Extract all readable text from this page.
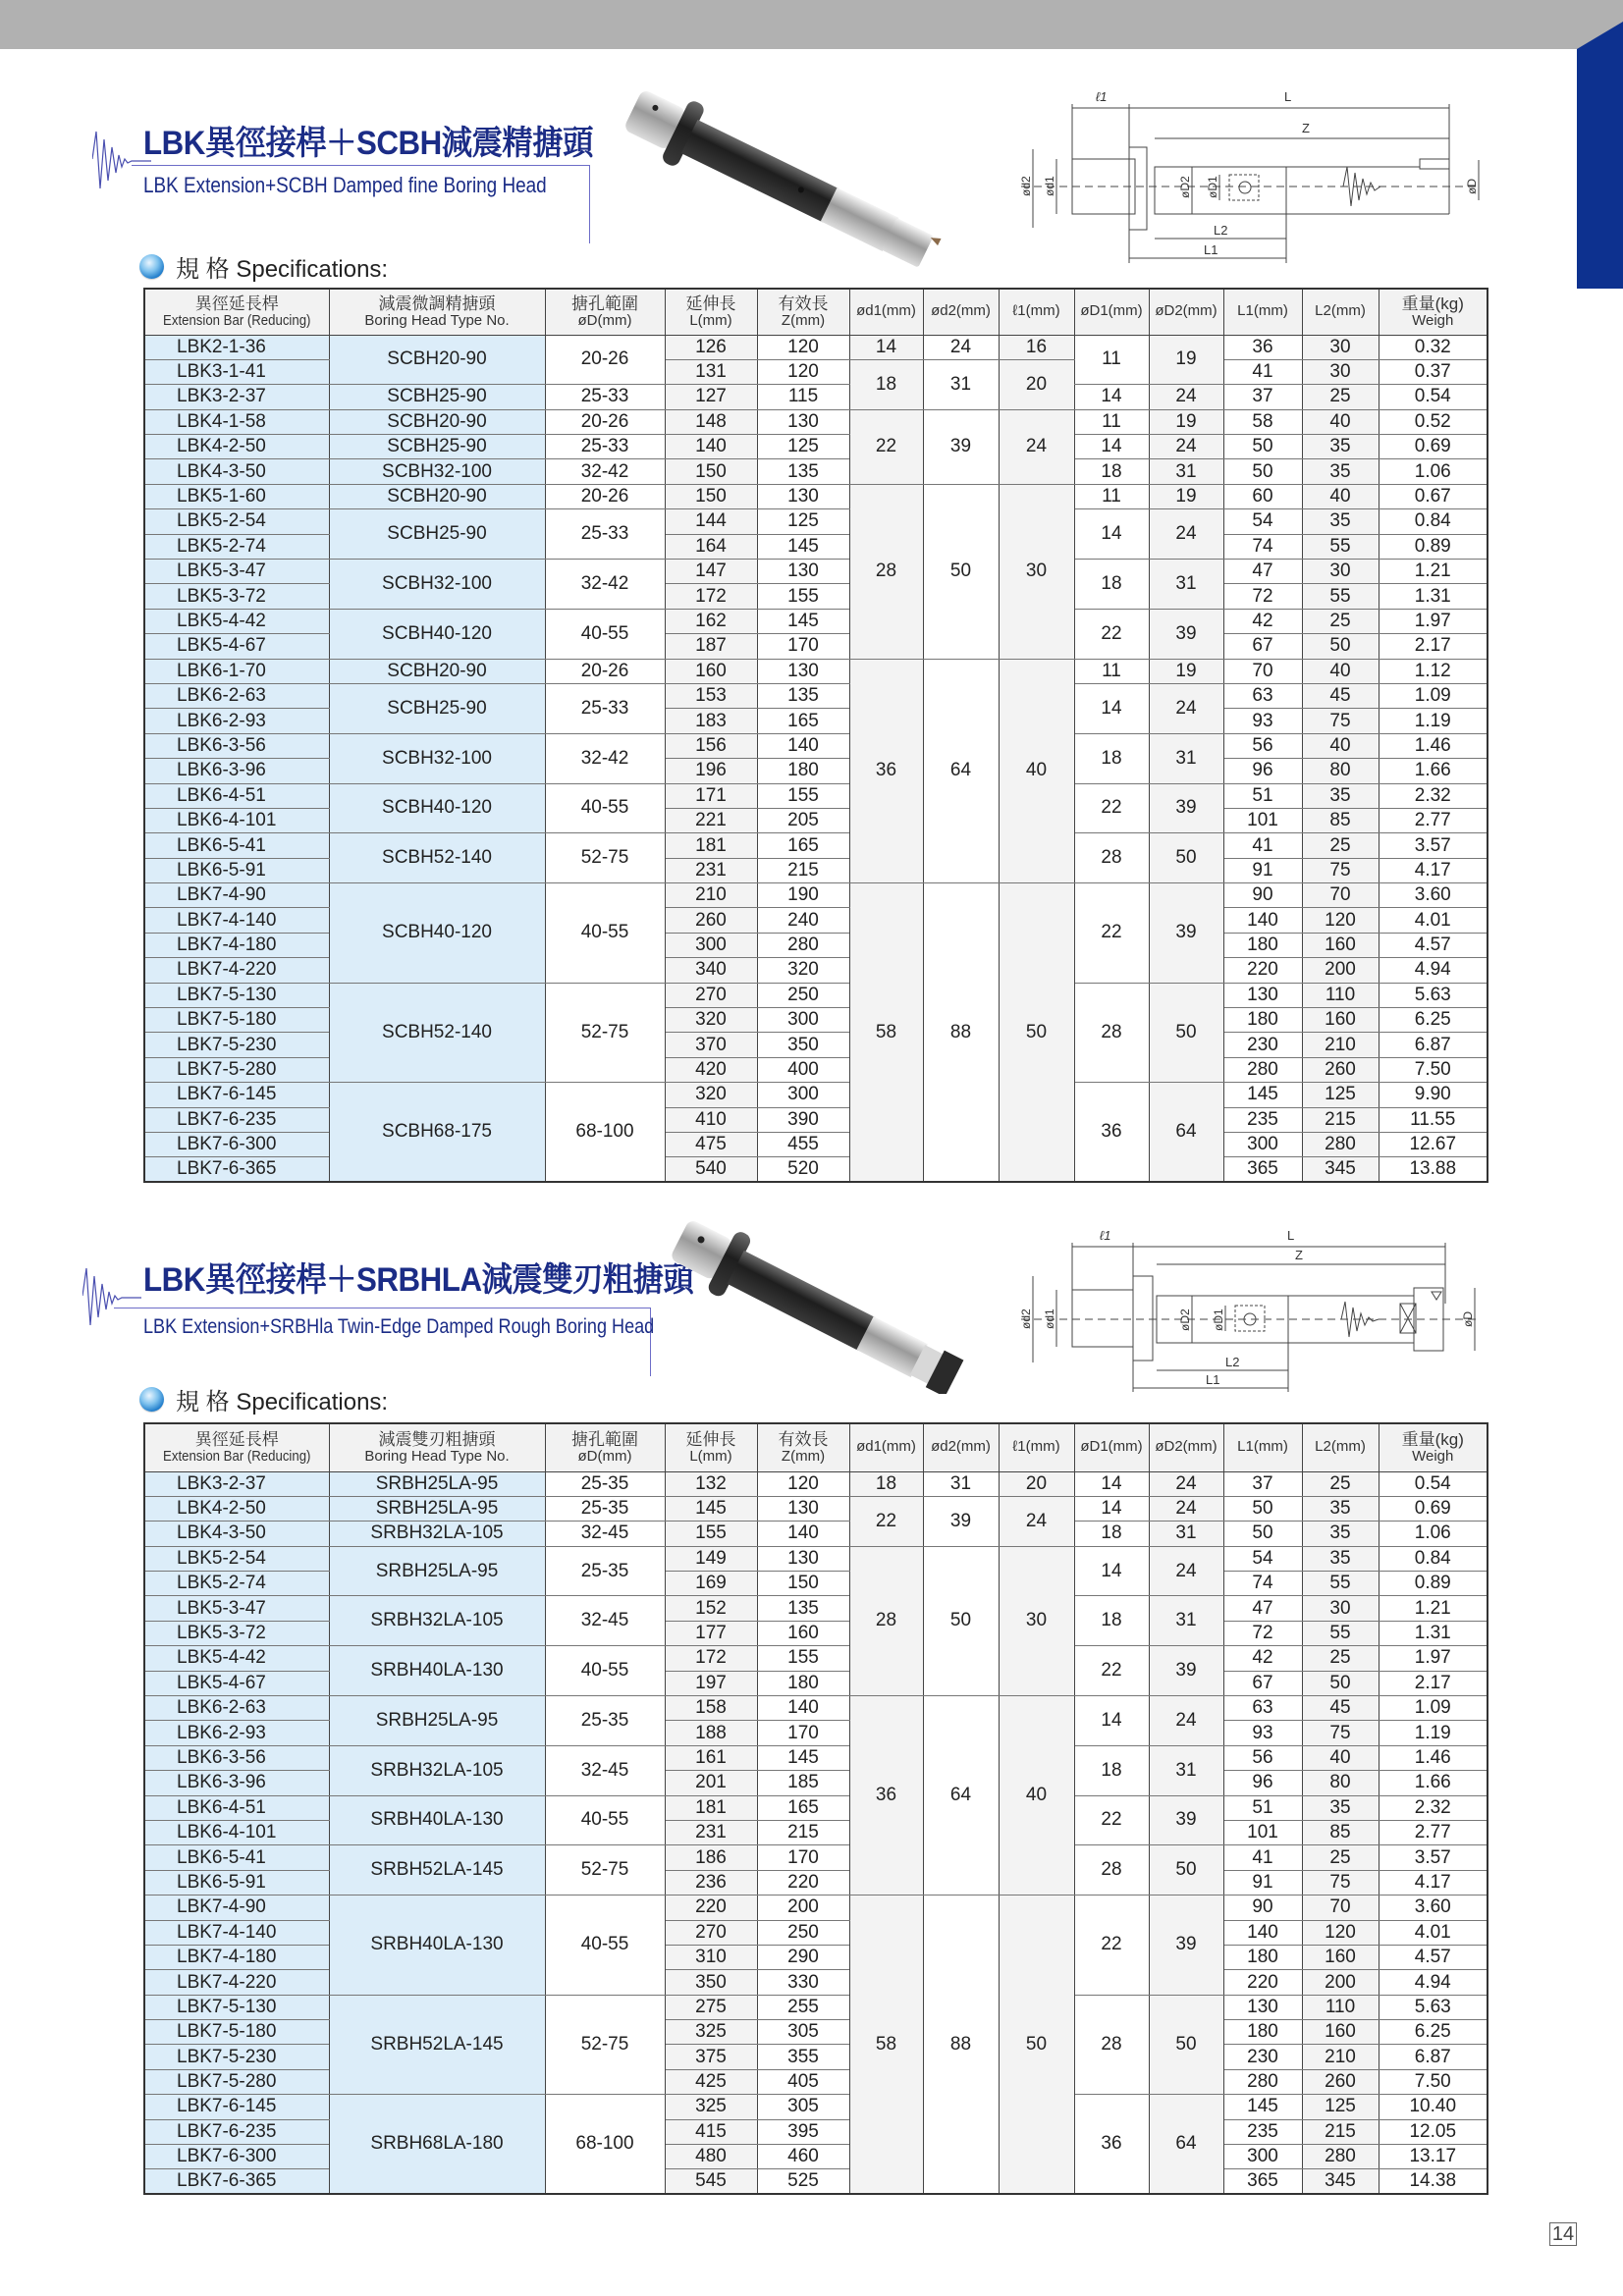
LBK異徑接桿＋SCBH減震精搪頭
LBK Extension+SCBH Damped fine Boring Head
規 格 Specifications:
ℓ1	L
Z
ød2 ød1	øD2 øD1	øD
L2
L1
異徑延長桿
Extension Bar (Reducing)	減震微調精搪頭
Boring Head Type No.	搪孔範圍
øD(mm)	延伸長
L(mm)	有效長
Z(mm)	ød1(mm)	ød2(mm)	ℓ1(mm)	øD1(mm)	øD2(mm)	L1(mm)	L2(mm)	重量(kg)
Weigh

LBK2-1-36	SCBH20-90	20-26	126	120	14	24	16	11	19	36	30	0.32
LBK3-1-41			131	120	18	31	20			41	30	0.37
LBK3-2-37	SCBH25-90	25-33	127	115				14	24	37	25	0.54
LBK4-1-58	SCBH20-90	20-26	148	130	22	39	24	11	19	58	40	0.52
LBK4-2-50	SCBH25-90	25-33	140	125				14	24	50	35	0.69
LBK4-3-50	SCBH32-100	32-42	150	135				18	31	50	35	1.06
LBK5-1-60	SCBH20-90	20-26	150	130	28	50	30	11	19	60	40	0.67
LBK5-2-54	SCBH25-90	25-33	144	125				14	24	54	35	0.84
LBK5-2-74			164	145						74	55	0.89
LBK5-3-47	SCBH32-100	32-42	147	130				18	31	47	30	1.21
LBK5-3-72			172	155						72	55	1.31
LBK5-4-42	SCBH40-120	40-55	162	145				22	39	42	25	1.97
LBK5-4-67			187	170						67	50	2.17
LBK6-1-70	SCBH20-90	20-26	160	130	36	64	40	11	19	70	40	1.12
LBK6-2-63	SCBH25-90	25-33	153	135				14	24	63	45	1.09
LBK6-2-93			183	165						93	75	1.19
LBK6-3-56	SCBH32-100	32-42	156	140				18	31	56	40	1.46
LBK6-3-96			196	180						96	80	1.66
LBK6-4-51	SCBH40-120	40-55	171	155				22	39	51	35	2.32
LBK6-4-101			221	205						101	85	2.77
LBK6-5-41	SCBH52-140	52-75	181	165				28	50	41	25	3.57
LBK6-5-91			231	215						91	75	4.17
LBK7-4-90	SCBH40-120	40-55	210	190	58	88	50	22	39	90	70	3.60
LBK7-4-140			260	240						140	120	4.01
LBK7-4-180			300	280						180	160	4.57
LBK7-4-220			340	320						220	200	4.94
LBK7-5-130	SCBH52-140	52-75	270	250				28	50	130	110	5.63
LBK7-5-180			320	300						180	160	6.25
LBK7-5-230			370	350						230	210	6.87
LBK7-5-280			420	400						280	260	7.50
LBK7-6-145	SCBH68-175	68-100	320	300				36	64	145	125	9.90
LBK7-6-235			410	390						235	215	11.55
LBK7-6-300			475	455						300	280	12.67
LBK7-6-365			540	520						365	345	13.88
LBK異徑接桿＋SRBHLA減震雙刃粗搪頭
LBK Extension+SRBHla Twin-Edge Damped Rough Boring Head
規 格 Specifications:
ℓ1	L
Z
ød2 ød1	øD2 øD1	øD
L2
L1
異徑延長桿
Extension Bar (Reducing)	減震雙刃粗搪頭
Boring Head Type No.	搪孔範圍
øD(mm)	延伸長
L(mm)	有效長
Z(mm)	ød1(mm)	ød2(mm)	ℓ1(mm)	øD1(mm)	øD2(mm)	L1(mm)	L2(mm)	重量(kg)
Weigh

LBK3-2-37	SRBH25LA-95	25-35	132	120	18	31	20	14	24	37	25	0.54
LBK4-2-50	SRBH25LA-95	25-35	145	130	22	39	24	14	24	50	35	0.69
LBK4-3-50	SRBH32LA-105	32-45	155	140				18	31	50	35	1.06
LBK5-2-54	SRBH25LA-95	25-35	149	130	28	50	30	14	24	54	35	0.84
LBK5-2-74			169	150						74	55	0.89
LBK5-3-47	SRBH32LA-105	32-45	152	135				18	31	47	30	1.21
LBK5-3-72			177	160						72	55	1.31
LBK5-4-42	SRBH40LA-130	40-55	172	155				22	39	42	25	1.97
LBK5-4-67			197	180						67	50	2.17
LBK6-2-63	SRBH25LA-95	25-35	158	140	36	64	40	14	24	63	45	1.09
LBK6-2-93			188	170						93	75	1.19
LBK6-3-56	SRBH32LA-105	32-45	161	145				18	31	56	40	1.46
LBK6-3-96			201	185						96	80	1.66
LBK6-4-51	SRBH40LA-130	40-55	181	165				22	39	51	35	2.32
LBK6-4-101			231	215						101	85	2.77
LBK6-5-41	SRBH52LA-145	52-75	186	170				28	50	41	25	3.57
LBK6-5-91			236	220						91	75	4.17
LBK7-4-90	SRBH40LA-130	40-55	220	200	58	88	50	22	39	90	70	3.60
LBK7-4-140			270	250						140	120	4.01
LBK7-4-180			310	290						180	160	4.57
LBK7-4-220			350	330						220	200	4.94
LBK7-5-130	SRBH52LA-145	52-75	275	255				28	50	130	110	5.63
LBK7-5-180			325	305						180	160	6.25
LBK7-5-230			375	355						230	210	6.87
LBK7-5-280			425	405						280	260	7.50
LBK7-6-145	SRBH68LA-180	68-100	325	305				36	64	145	125	10.40
LBK7-6-235			415	395						235	215	12.05
LBK7-6-300			480	460						300	280	13.17
LBK7-6-365			545	525						365	345	14.38
14
